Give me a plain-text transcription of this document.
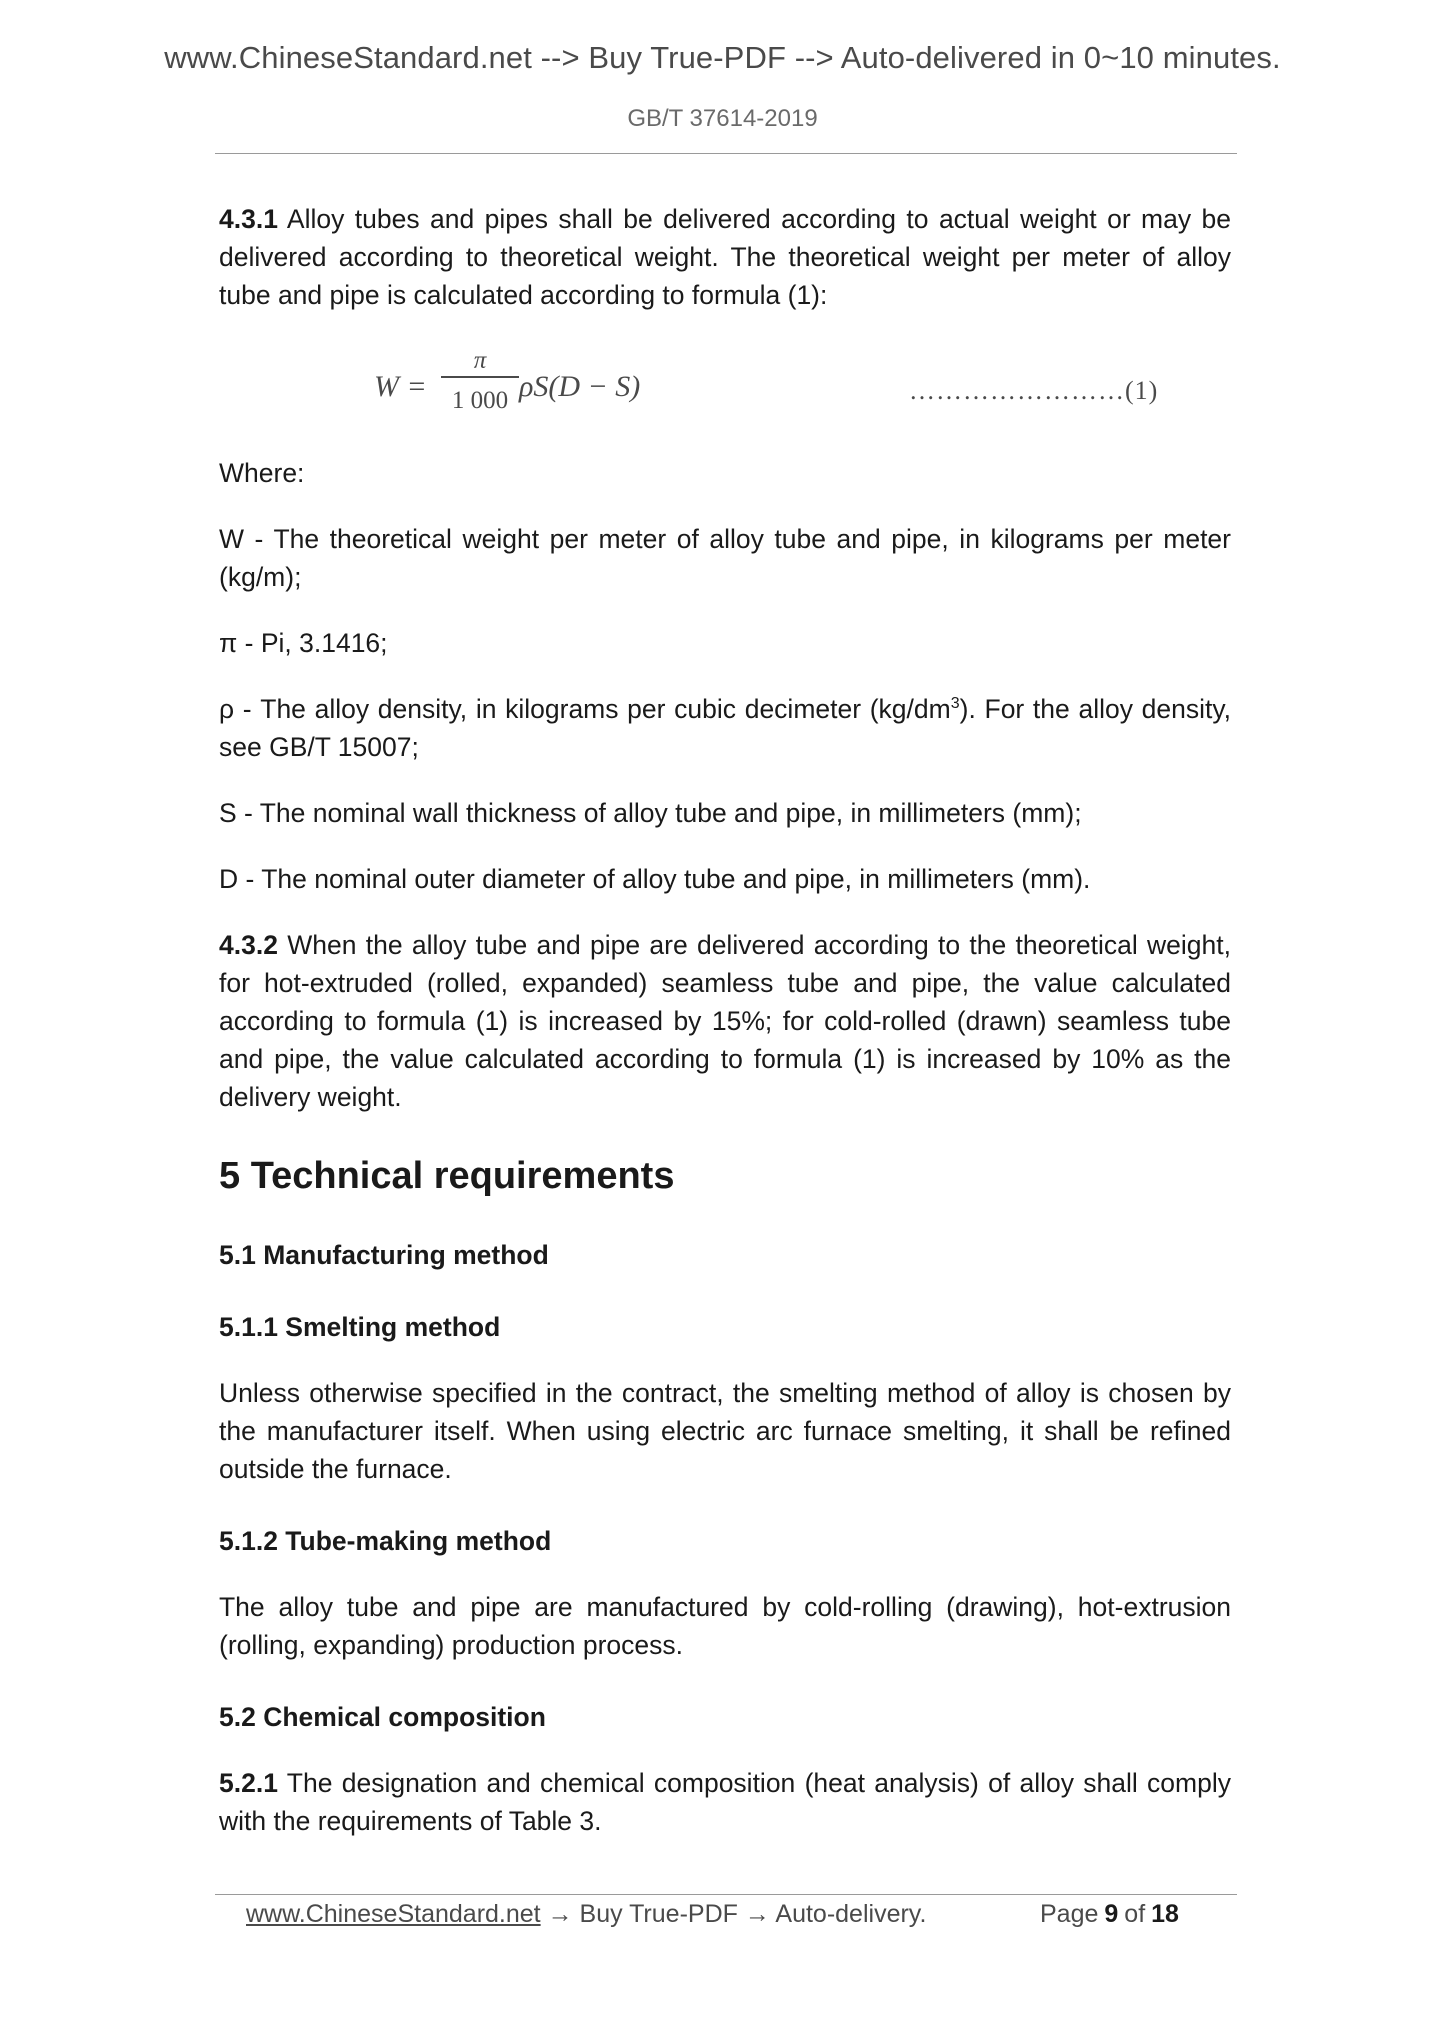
www.ChineseStandard.net --> Buy True-PDF --> Auto-delivered in 0~10 minutes.
GB/T 37614-2019

4.3.1 Alloy tubes and pipes shall be delivered according to actual weight or may be delivered according to theoretical weight. The theoretical weight per meter of alloy tube and pipe is calculated according to formula (1):

W =
π
1 000 ρS(D − S)	……………………(1)

Where:

W - The theoretical weight per meter of alloy tube and pipe, in kilograms per meter (kg/m);

π - Pi, 3.1416;

ρ - The alloy density, in kilograms per cubic decimeter $(kg/dm^3)$. For the alloy density, see GB/T 15007;

S - The nominal wall thickness of alloy tube and pipe, in millimeters (mm);

D - The nominal outer diameter of alloy tube and pipe, in millimeters (mm).

4.3.2 When the alloy tube and pipe are delivered according to the theoretical weight, for hot-extruded (rolled, expanded) seamless tube and pipe, the value calculated according to formula (1) is increased by 15%; for cold-rolled (drawn) seamless tube and pipe, the value calculated according to formula (1) is increased by 10% as the delivery weight.

5 Technical requirements
5.1 Manufacturing method
5.1.1 Smelting method

Unless otherwise specified in the contract, the smelting method of alloy is chosen by the manufacturer itself. When using electric arc furnace smelting, it shall be refined outside the furnace.

5.1.2 Tube-making method

The alloy tube and pipe are manufactured by cold-rolling (drawing), hot-extrusion (rolling, expanding) production process.

5.2 Chemical composition

5.2.1 The designation and chemical composition (heat analysis) of alloy shall comply with the requirements of Table 3.

www.ChineseStandard.net → Buy True-PDF → Auto-delivery.	Page 9 of 18
